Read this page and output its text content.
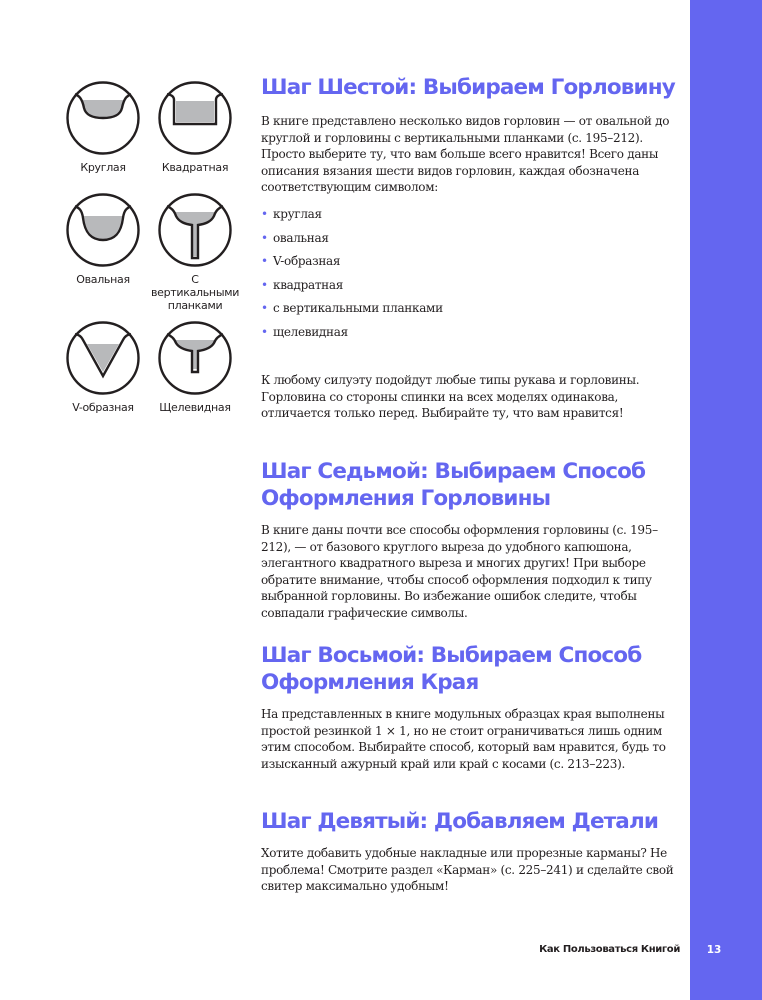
Круглая	Квадратная
Овальная	С вертикальными планками
V-образная	Щелевидная
Шаг Шестой: Выбираем Горловину

В книге представлено несколько видов горловин — от овальной до круглой и горловины с вертикальными планками (с. 195–212). Просто выберите ту, что вам больше всего нравится! Всего даны описания вязания шести видов горловин, каждая обозначена соответствующим символом:

• круглая
• овальная
• V-образная
• квадратная
• с вертикальными планками
• щелевидная

К любому силуэту подойдут любые типы рукава и горловины. Горловина со стороны спинки на всех моделях одинакова, отличается только перед. Выбирайте ту, что вам нравится!

Шаг Седьмой: Выбираем Способ Оформления Горловины

В книге даны почти все способы оформления горловины (с. 195–212), — от базового круглого выреза до удобного капюшона, элегантного квадратного выреза и многих других! При выборе обратите внимание, чтобы способ оформления подходил к типу выбранной горловины. Во избежание ошибок следите, чтобы совпадали графические символы.

Шаг Восьмой: Выбираем Способ Оформления Края

На представленных в книге модульных образцах края выполнены простой резинкой 1 × 1, но не стоит ограничиваться лишь одним этим способом. Выбирайте способ, который вам нравится, будь то изысканный ажурный край или край с косами (с. 213–223).

Шаг Девятый: Добавляем Детали

Хотите добавить удобные накладные или прорезные карманы? Не проблема! Смотрите раздел «Карман» (с. 225–241) и сделайте свой свитер максимально удобным!

Как Пользоваться Книгой	13
